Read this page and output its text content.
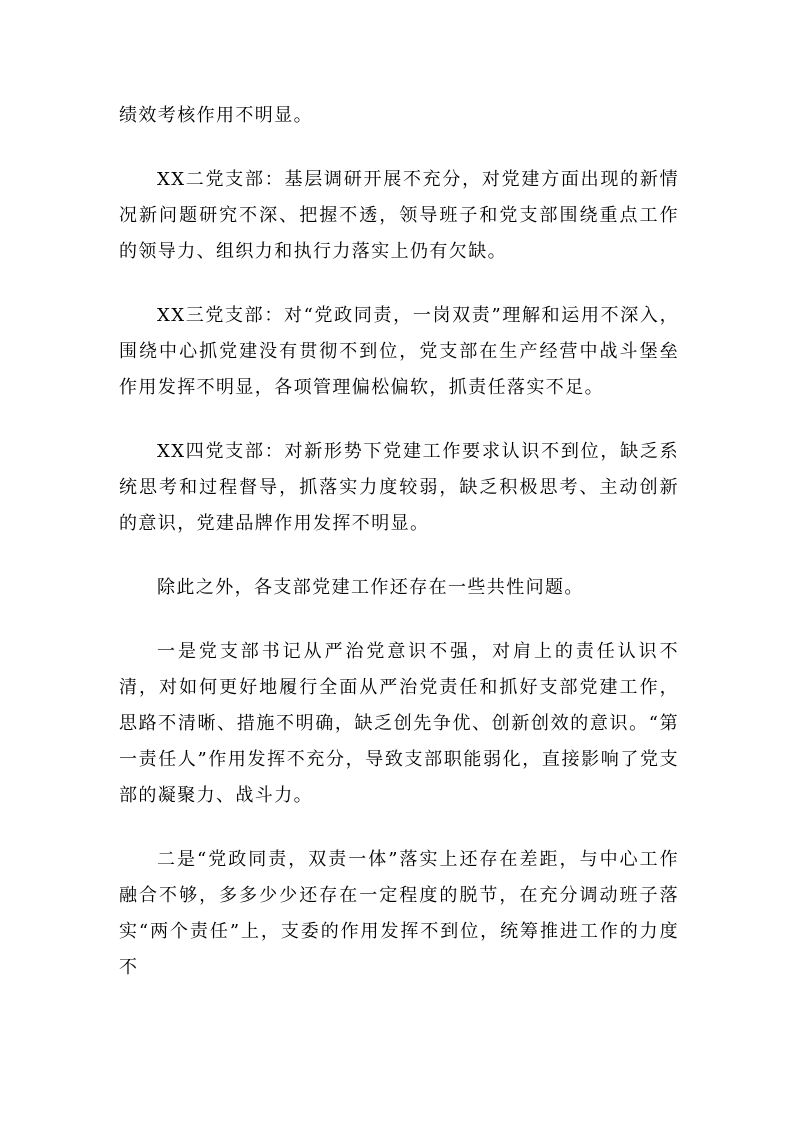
绩效考核作用不明显。

XX二党支部：基层调研开展不充分，对党建方面出现的新情况新问题研究不深、把握不透，领导班子和党支部围绕重点工作的领导力、组织力和执行力落实上仍有欠缺。

XX三党支部：对“党政同责，一岗双责”理解和运用不深入，围绕中心抓党建没有贯彻不到位，党支部在生产经营中战斗堡垒作用发挥不明显，各项管理偏松偏软，抓责任落实不足。

XX四党支部：对新形势下党建工作要求认识不到位，缺乏系统思考和过程督导，抓落实力度较弱，缺乏积极思考、主动创新的意识，党建品牌作用发挥不明显。

除此之外，各支部党建工作还存在一些共性问题。

一是党支部书记从严治党意识不强，对肩上的责任认识不清，对如何更好地履行全面从严治党责任和抓好支部党建工作，思路不清晰、措施不明确，缺乏创先争优、创新创效的意识。“第一责任人”作用发挥不充分，导致支部职能弱化，直接影响了党支部的凝聚力、战斗力。

二是“党政同责，双责一体”落实上还存在差距，与中心工作融合不够，多多少少还存在一定程度的脱节，在充分调动班子落实“两个责任”上，支委的作用发挥不到位，统筹推进工作的力度不
